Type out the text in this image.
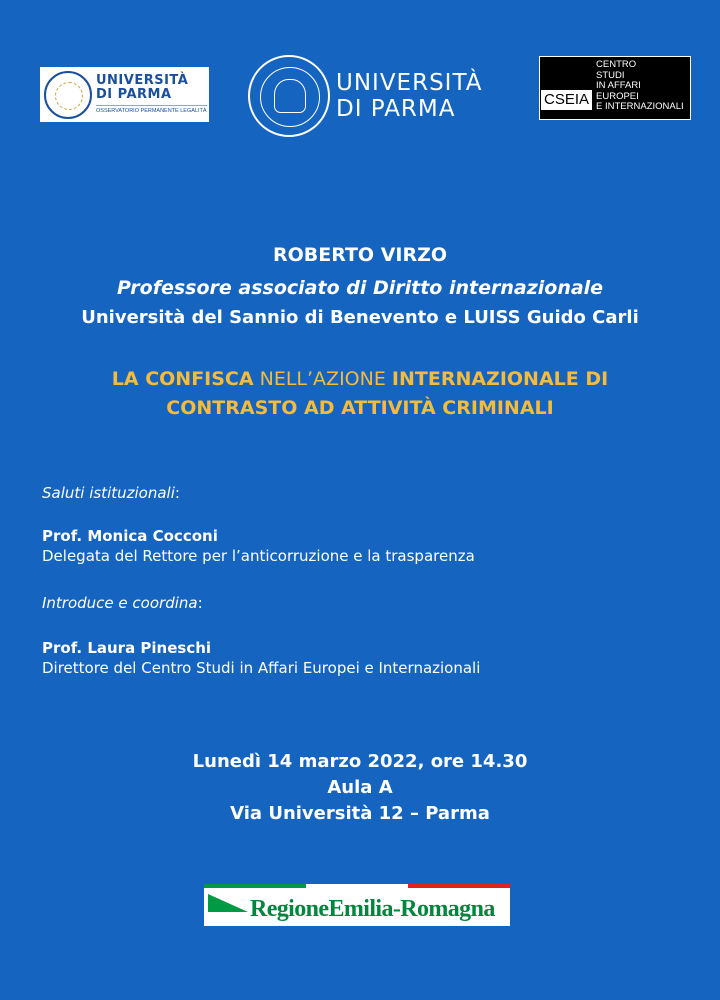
UNIVERSITÀ
DI PARMA
OSSERVATORIO PERMANENTE LEGALITÀ
UNIVERSITÀ
DI PARMA	CSEIA
CENTRO
STUDI
IN AFFARI
EUROPEI
E INTERNAZIONALI
ROBERTO VIRZO
Professore associato di Diritto internazionale
Università del Sannio di Benevento e LUISS Guido Carli
LA CONFISCA NELL’AZIONE INTERNAZIONALE DI
CONTRASTO AD ATTIVITÀ CRIMINALI
Saluti istituzionali:
Prof. Monica Cocconi
Delegata del Rettore per l’anticorruzione e la trasparenza
Introduce e coordina:
Prof. Laura Pineschi
Direttore del Centro Studi in Affari Europei e Internazionali
Lunedì 14 marzo 2022, ore 14.30
Aula A
Via Università 12 – Parma
RegioneEmilia-Romagna
